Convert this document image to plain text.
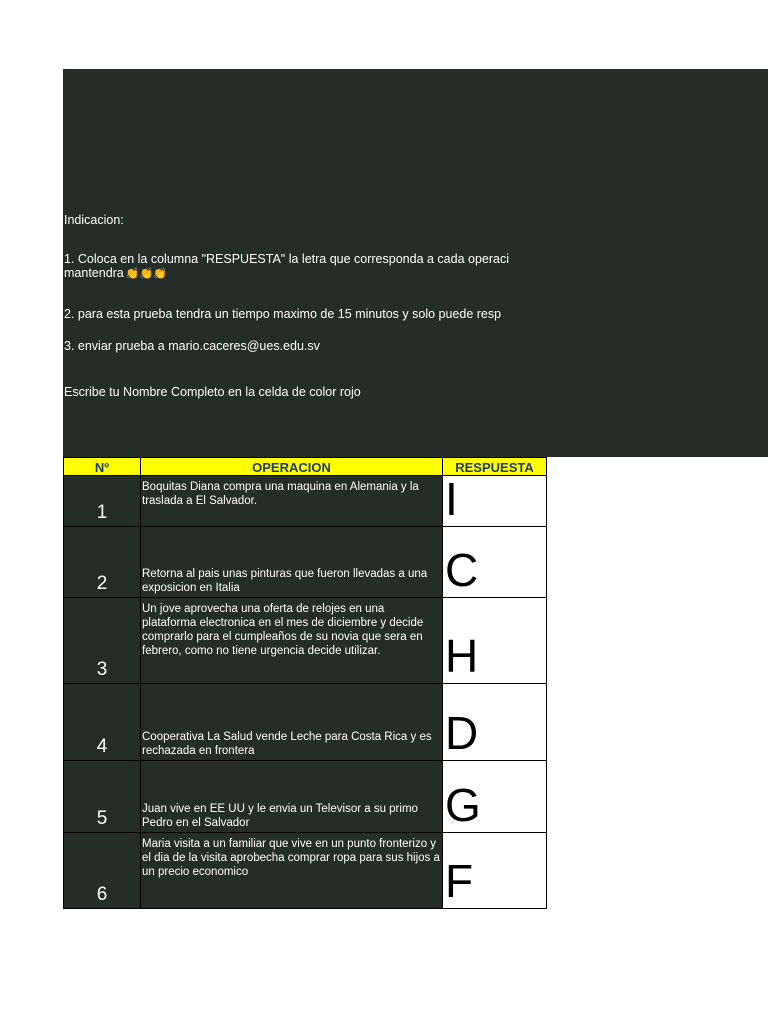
Indicacion:
1. Coloca en la columna "RESPUESTA" la letra que corresponda a cada operaci
mantendra 👏👏👏
2. para esta prueba tendra un tiempo maximo de 15 minutos y solo puede resp
3. enviar prueba a mario.caceres@ues.edu.sv
Escribe tu Nombre Completo en la celda de color rojo
Nº	OPERACION	RESPUESTA
1	Boquitas Diana compra una maquina en Alemania y la traslada a El Salvador.	I
2	Retorna al pais unas pinturas que fueron llevadas a una exposicion en Italia	C
3	Un jove aprovecha una oferta de relojes en una plataforma electronica en el mes de diciembre y decide comprarlo para el cumpleaños de su novia que sera en febrero, como no tiene urgencia decide utilizar.	H
4	Cooperativa La Salud vende Leche para Costa Rica y es rechazada en frontera	D
5	Juan vive en EE UU y le envia un Televisor a su primo Pedro en el Salvador	G
6	Maria visita a un familiar que vive en un punto fronterizo y el dia de la visita aprobecha comprar ropa para sus hijos a un precio economico	F
